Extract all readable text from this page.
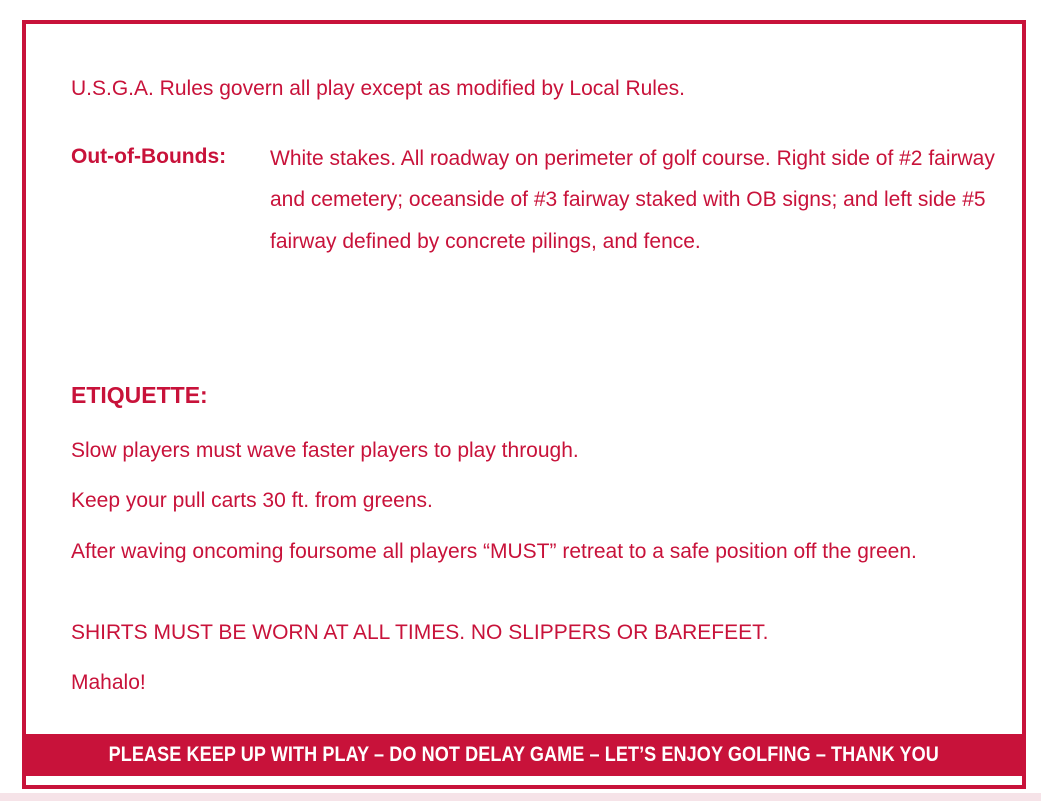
U.S.G.A. Rules govern all play except as modified by Local Rules.
Out-of-Bounds: White stakes. All roadway on perimeter of golf course. Right side of #2 fairway and cemetery; oceanside of #3 fairway staked with OB signs; and left side #5 fairway defined by concrete pilings, and fence.
ETIQUETTE:
Slow players must wave faster players to play through.
Keep your pull carts 30 ft. from greens.
After waving oncoming foursome all players “MUST” retreat to a safe position off the green.
SHIRTS MUST BE WORN AT ALL TIMES. NO SLIPPERS OR BAREFEET.
Mahalo!
PLEASE KEEP UP WITH PLAY – DO NOT DELAY GAME – LET’S ENJOY GOLFING – THANK YOU
